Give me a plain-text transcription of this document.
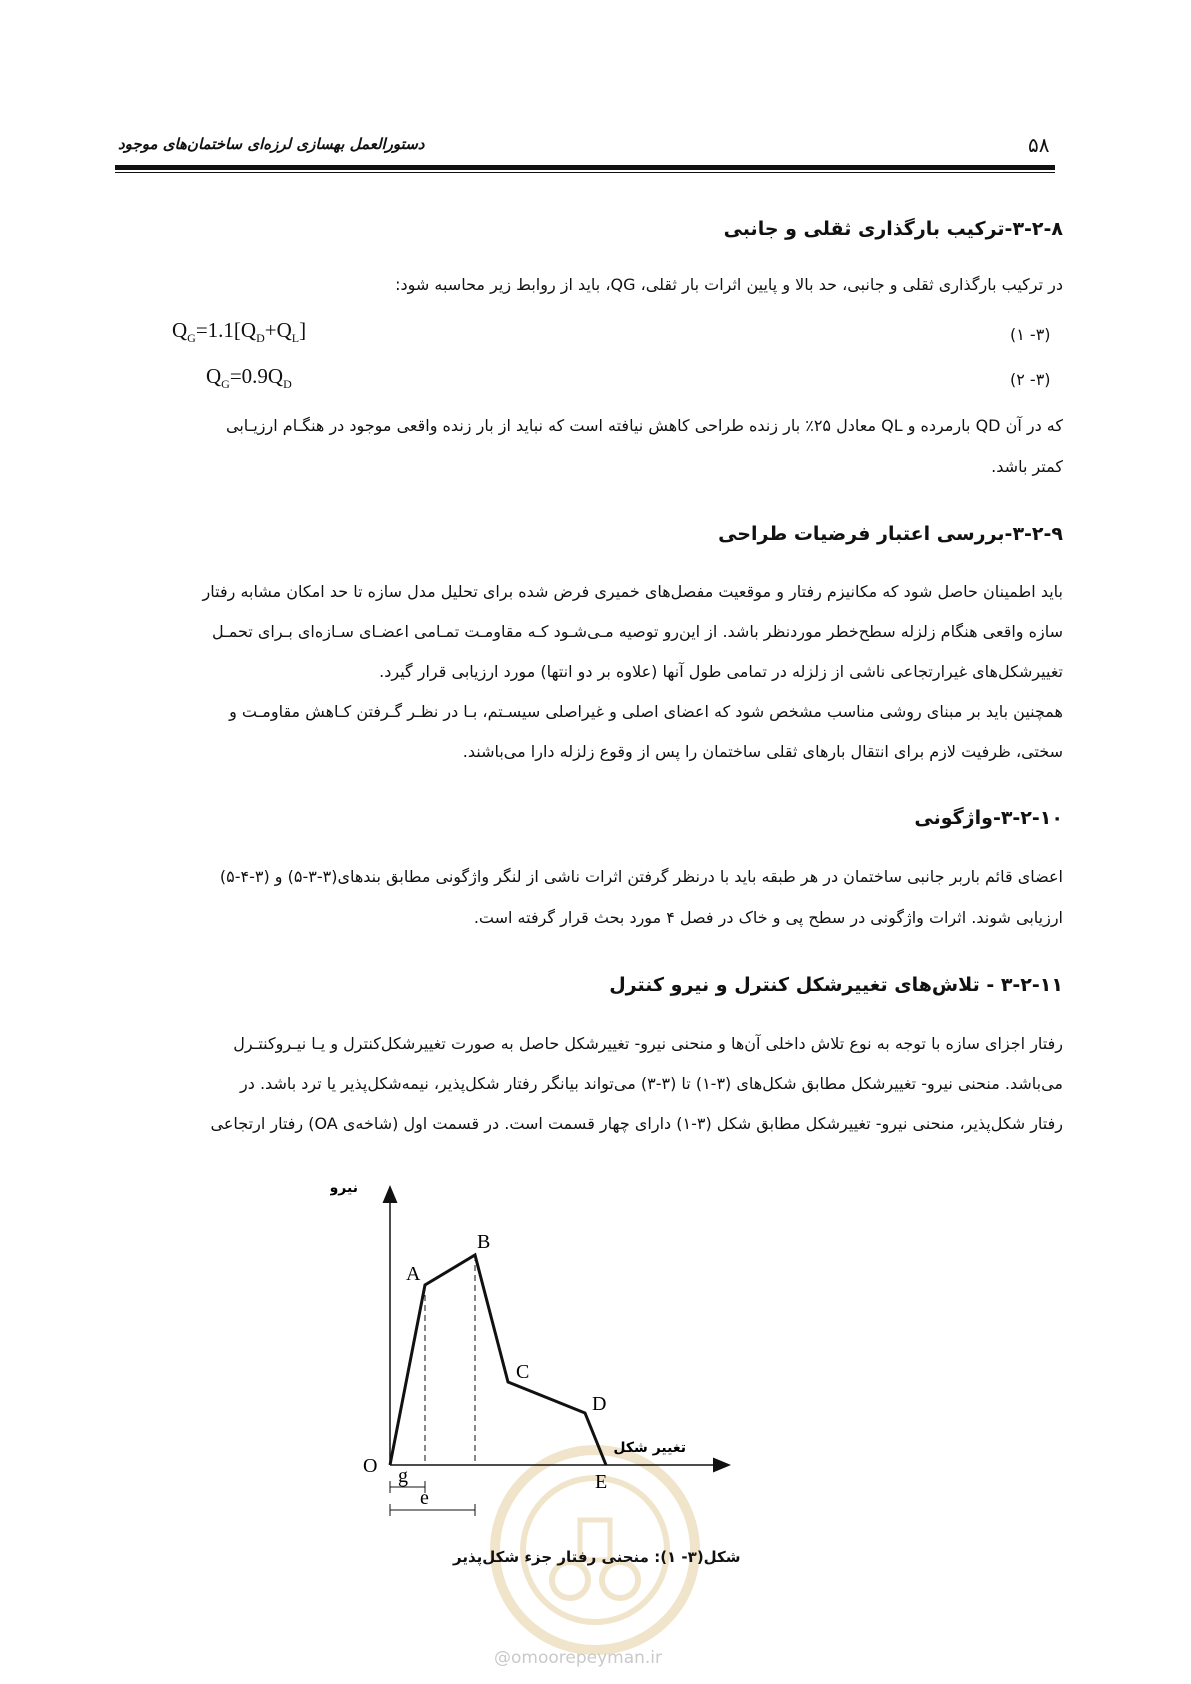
۵۸
دستورالعمل بهسازی لرزه‌ای ساختمان‌های موجود
۳-۲-۸-ترکیب بارگذاری ثقلی و جانبی
در ترکیب بارگذاری ثقلی و جانبی، حد بالا و پایین اثرات بار ثقلی، QG، باید از روابط زیر محاسبه شود:
$Q_G=1.1[Q_D+Q_L]$	(۳- ۱)
$Q_G=0.9Q_D$	(۳- ۲)
که در آن QD بارمرده و QL معادل ۲۵٪ بار زنده طراحی کاهش نیافته است که نباید از بار زنده واقعی موجود در هنگـام ارزیـابی
کمتر باشد.
۳-۲-۹-بررسی اعتبار فرضیات طراحی
باید اطمینان حاصل شود که مکانیزم رفتار و موقعیت مفصل‌های خمیری فرض شده برای تحلیل مدل سازه تا حد امکان مشابه رفتار
سازه واقعی هنگام زلزله سطح‌خطر موردنظر باشد. از این‌رو توصیه مـی‌شـود کـه مقاومـت تمـامی اعضـای سـازه‌ای بـرای تحمـل
تغییرشکل‌های غیرارتجاعی ناشی از زلزله در تمامی طول آنها (علاوه بر دو انتها) مورد ارزیابی قرار گیرد.
همچنین باید بر مبنای روشی مناسب مشخص شود که اعضای اصلی و غیراصلی سیسـتم، بـا در نظـر گـرفتن کـاهش مقاومـت و
سختی، ظرفیت لازم برای انتقال بارهای ثقلی ساختمان را پس از وقوع زلزله دارا می‌باشند.
۳-۲-۱۰-واژگونی
اعضای قائم باربر جانبی ساختمان در هر طبقه باید با درنظر گرفتن اثرات ناشی از لنگر واژگونی مطابق بندهای(۳-۳-۵) و (۳-۴-۵)
ارزیابی شوند. اثرات واژگونی در سطح پی و خاک در فصل ۴ مورد بحث قرار گرفته است.
۳-۲-۱۱ - تلاش‌های تغییرشکل کنترل و نیرو کنترل
رفتار اجزای سازه با توجه به نوع تلاش داخلی آن‌ها و منحنی نیرو- تغییرشکل حاصل به صورت تغییرشکل‌کنترل و یـا نیـروکنتـرل
می‌باشد. منحنی نیرو- تغییرشکل مطابق شکل‌های (۳-۱) تا (۳-۳) می‌تواند بیانگر رفتار شکل‌پذیر، نیمه‌شکل‌پذیر یا ترد باشد. در
رفتار شکل‌پذیر، منحنی نیرو- تغییرشکل مطابق شکل (۳-۱) دارای چهار قسمت است. در قسمت اول (شاخه‌ی OA) رفتار ارتجاعی
O
A
B
C
D
E
g
e
نیرو
تغییر شکل
شکل(۳- ۱): منحنی رفتار جزء شکل‌پذیر
@omoorepeyman.ir
